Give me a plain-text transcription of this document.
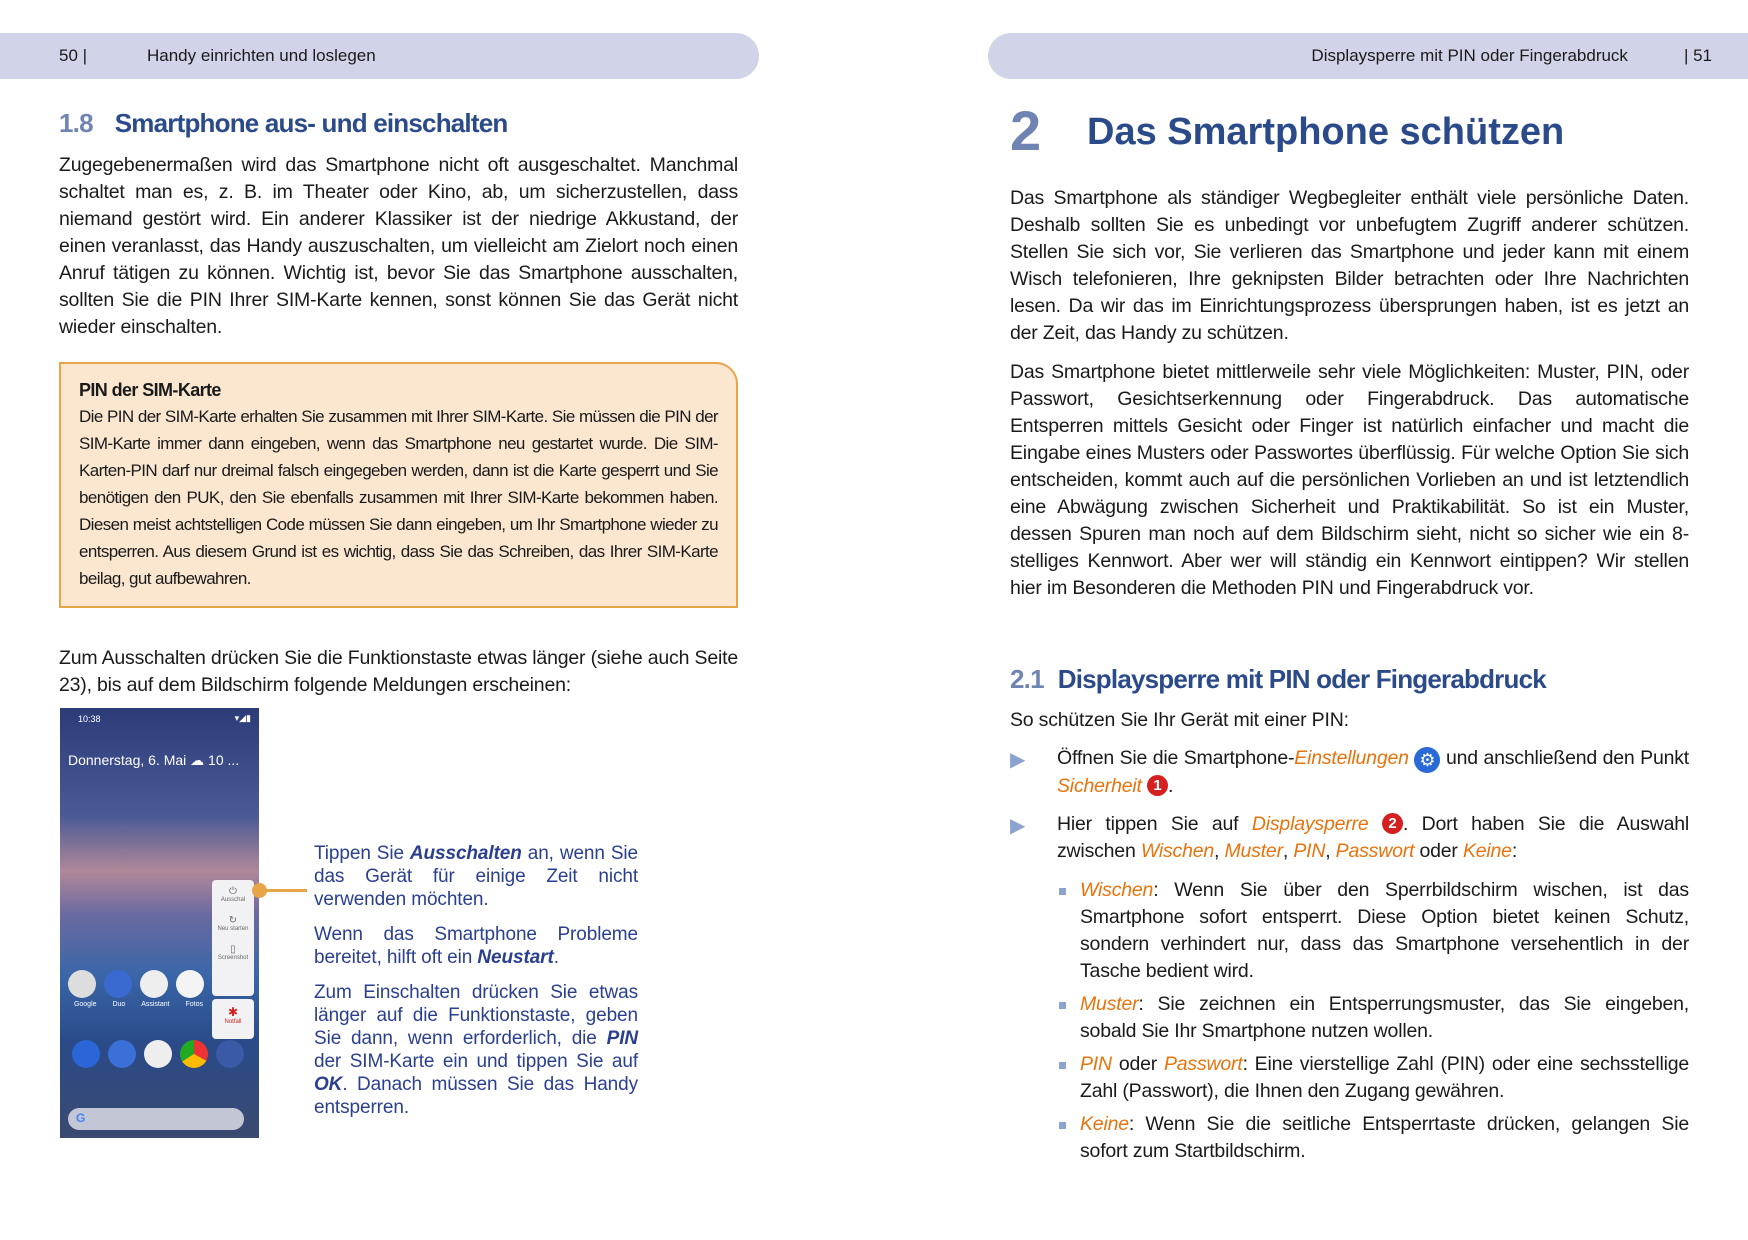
50 |	Handy einrichten und loslegen
1.8 Smartphone aus- und einschalten

Zugegebenermaßen wird das Smartphone nicht oft ausgeschaltet. Manchmal schaltet man es, z. B. im Theater oder Kino, ab, um sicherzustellen, dass niemand gestört wird. Ein anderer Klassiker ist der niedrige Akkustand, der einen veranlasst, das Handy auszuschalten, um vielleicht am Zielort noch einen Anruf tätigen zu können. Wichtig ist, bevor Sie das Smartphone ausschalten, sollten Sie die PIN Ihrer SIM-Karte kennen, sonst können Sie das Gerät nicht wieder einschalten.

PIN der SIM-Karte

Die PIN der SIM-Karte erhalten Sie zusammen mit Ihrer SIM-Karte. Sie müssen die PIN der SIM-Karte immer dann eingeben, wenn das Smartphone neu gestartet wurde. Die SIM-Karten-PIN darf nur dreimal falsch eingegeben werden, dann ist die Karte gesperrt und Sie benötigen den PUK, den Sie ebenfalls zusammen mit Ihrer SIM-Karte bekommen haben. Diesen meist achtstelligen Code müssen Sie dann eingeben, um Ihr Smartphone wieder zu entsperren. Aus diesem Grund ist es wichtig, dass Sie das Schreiben, das Ihrer SIM-Karte beilag, gut aufbewahren.

Zum Ausschalten drücken Sie die Funktionstaste etwas länger (siehe auch Seite 23), bis auf dem Bildschirm folgende Meldungen erscheinen:

10:38	▾◢▮
Donnerstag, 6. Mai ☁ 10 ...
⏻
Ausschal
↻
Neu starten
▯
Screenshot
✱
Notfall
Google Duo Assistant Fotos
G

Tippen Sie Ausschalten an, wenn Sie das Gerät für einige Zeit nicht verwenden möchten.

Wenn das Smartphone Probleme bereitet, hilft oft ein Neustart.

Zum Einschalten drücken Sie etwas länger auf die Funktionstaste, geben Sie dann, wenn erforderlich, die PIN der SIM-Karte ein und tippen Sie auf OK. Danach müssen Sie das Handy entsperren.

Displaysperre mit PIN oder Fingerabdruck	| 51
2 Das Smartphone schützen

Das Smartphone als ständiger Wegbegleiter enthält viele persönliche Daten. Deshalb sollten Sie es unbedingt vor unbefugtem Zugriff anderer schützen. Stellen Sie sich vor, Sie verlieren das Smartphone und jeder kann mit einem Wisch telefonieren, Ihre geknipsten Bilder betrachten oder Ihre Nachrichten lesen. Da wir das im Einrichtungsprozess übersprungen haben, ist es jetzt an der Zeit, das Handy zu schützen.

Das Smartphone bietet mittlerweile sehr viele Möglichkeiten: Muster, PIN, oder Passwort, Gesichtserkennung oder Fingerabdruck. Das automatische Entsperren mittels Gesicht oder Finger ist natürlich einfacher und macht die Eingabe eines Musters oder Passwortes überflüssig. Für welche Option Sie sich entscheiden, kommt auch auf die persönlichen Vorlieben an und ist letztendlich eine Abwägung zwischen Sicherheit und Praktikabilität. So ist ein Muster, dessen Spuren man noch auf dem Bildschirm sieht, nicht so sicher wie ein 8-stelliges Kennwort. Aber wer will ständig ein Kennwort eintippen? Wir stellen hier im Besonderen die Methoden PIN und Fingerabdruck vor.

2.1 Displaysperre mit PIN oder Fingerabdruck

So schützen Sie Ihr Gerät mit einer PIN:

▶ Öffnen Sie die Smartphone-Einstellungen ⚙ und anschließend den Punkt Sicherheit 1 .

▶ Hier tippen Sie auf Displaysperre 2 . Dort haben Sie die Auswahl zwischen Wischen, Muster, PIN, Passwort oder Keine:

Wischen: Wenn Sie über den Sperrbildschirm wischen, ist das Smartphone sofort entsperrt. Diese Option bietet keinen Schutz, sondern verhindert nur, dass das Smartphone versehentlich in der Tasche bedient wird.

Muster: Sie zeichnen ein Entsperrungsmuster, das Sie eingeben, sobald Sie Ihr Smartphone nutzen wollen.

PIN oder Passwort: Eine vierstellige Zahl (PIN) oder eine sechsstellige Zahl (Passwort), die Ihnen den Zugang gewähren.

Keine: Wenn Sie die seitliche Entsperrtaste drücken, gelangen Sie sofort zum Startbildschirm.
